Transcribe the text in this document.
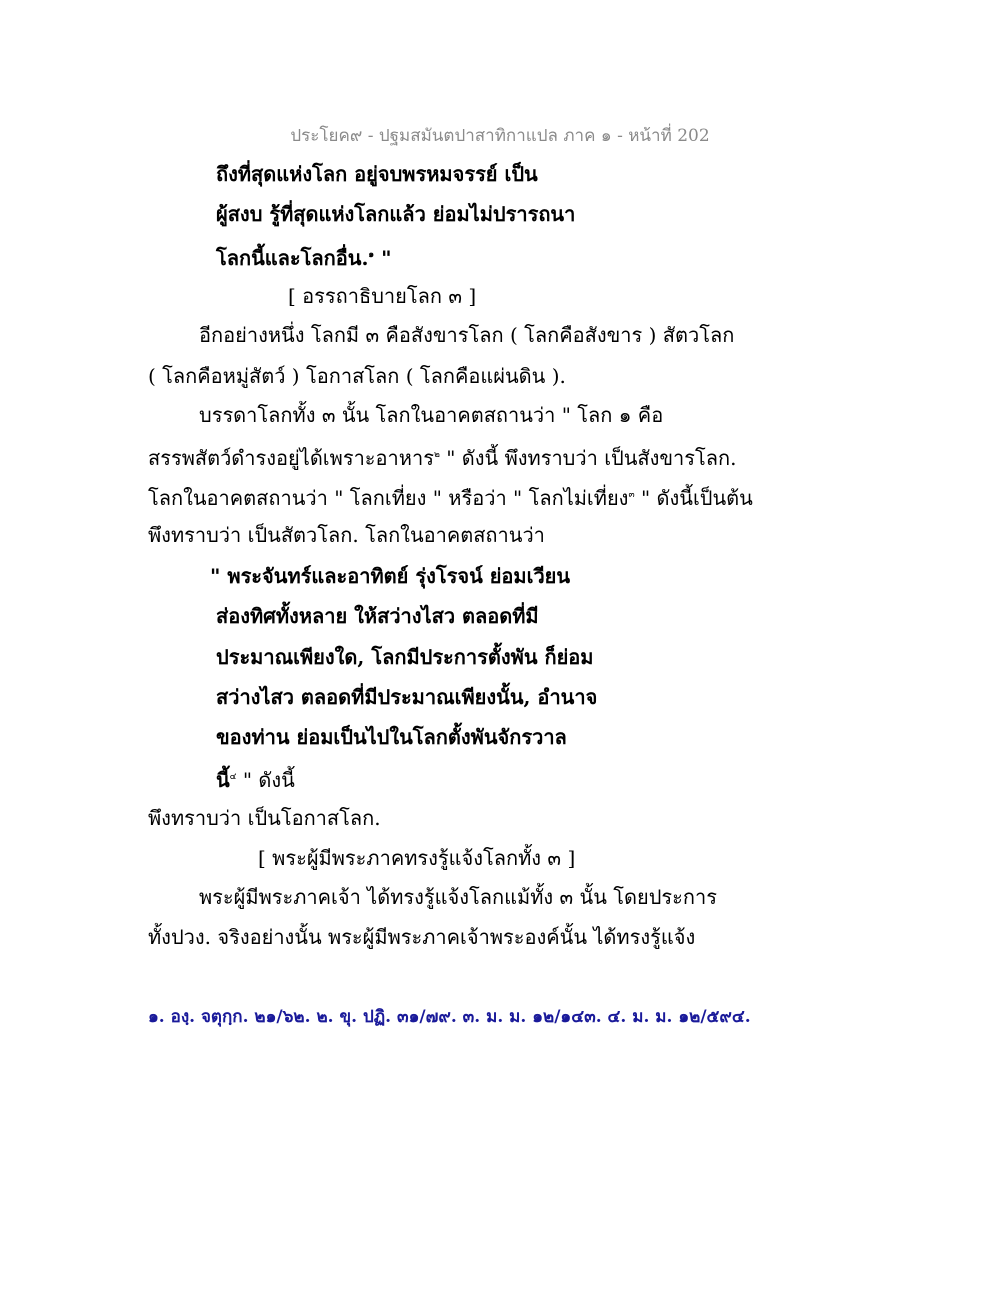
ประโยค๙ - ปฐมสมันตปาสาทิกาแปล ภาค ๑ - หน้าที่ 202
ถึงที่สุดแห่งโลก อยู่จบพรหมจรรย์ เป็น
ผู้สงบ รู้ที่สุดแห่งโลกแล้ว ย่อมไม่ปรารถนา
โลกนี้และโลกอื่น.$^๑$ "
[ อรรถาธิบายโลก ๓ ]
อีกอย่างหนึ่ง โลกมี ๓ คือสังขารโลก ( โลกคือสังขาร ) สัตวโลก
( โลกคือหมู่สัตว์ ) โอกาสโลก ( โลกคือแผ่นดิน ).
บรรดาโลกทั้ง ๓ นั้น โลกในอาคตสถานว่า " โลก ๑ คือ
สรรพสัตว์ดำรงอยู่ได้เพราะอาหาร$^๒$ " ดังนี้ พึงทราบว่า เป็นสังขารโลก.
โลกในอาคตสถานว่า " โลกเที่ยง " หรือว่า " โลกไม่เที่ยง$^๓$ " ดังนี้เป็นต้น
พึงทราบว่า เป็นสัตวโลก. โลกในอาคตสถานว่า
" พระจันทร์และอาทิตย์ รุ่งโรจน์ ย่อมเวียน
ส่องทิศทั้งหลาย ให้สว่างไสว ตลอดที่มี
ประมาณเพียงใด, โลกมีประการตั้งพัน ก็ย่อม
สว่างไสว ตลอดที่มีประมาณเพียงนั้น, อำนาจ
ของท่าน ย่อมเป็นไปในโลกตั้งพันจักรวาล
นี้$^๔$ " ดังนี้
พึงทราบว่า เป็นโอกาสโลก.
[ พระผู้มีพระภาคทรงรู้แจ้งโลกทั้ง ๓ ]
พระผู้มีพระภาคเจ้า ได้ทรงรู้แจ้งโลกแม้ทั้ง ๓ นั้น โดยประการ
ทั้งปวง. จริงอย่างนั้น พระผู้มีพระภาคเจ้าพระองค์นั้น ได้ทรงรู้แจ้ง
๑. องฺ. จตุกฺก. ๒๑/๖๒. ๒. ขุ. ปฏิ. ๓๑/๗๙. ๓. ม. ม. ๑๒/๑๔๓. ๔. ม. ม. ๑๒/๕๙๔.
